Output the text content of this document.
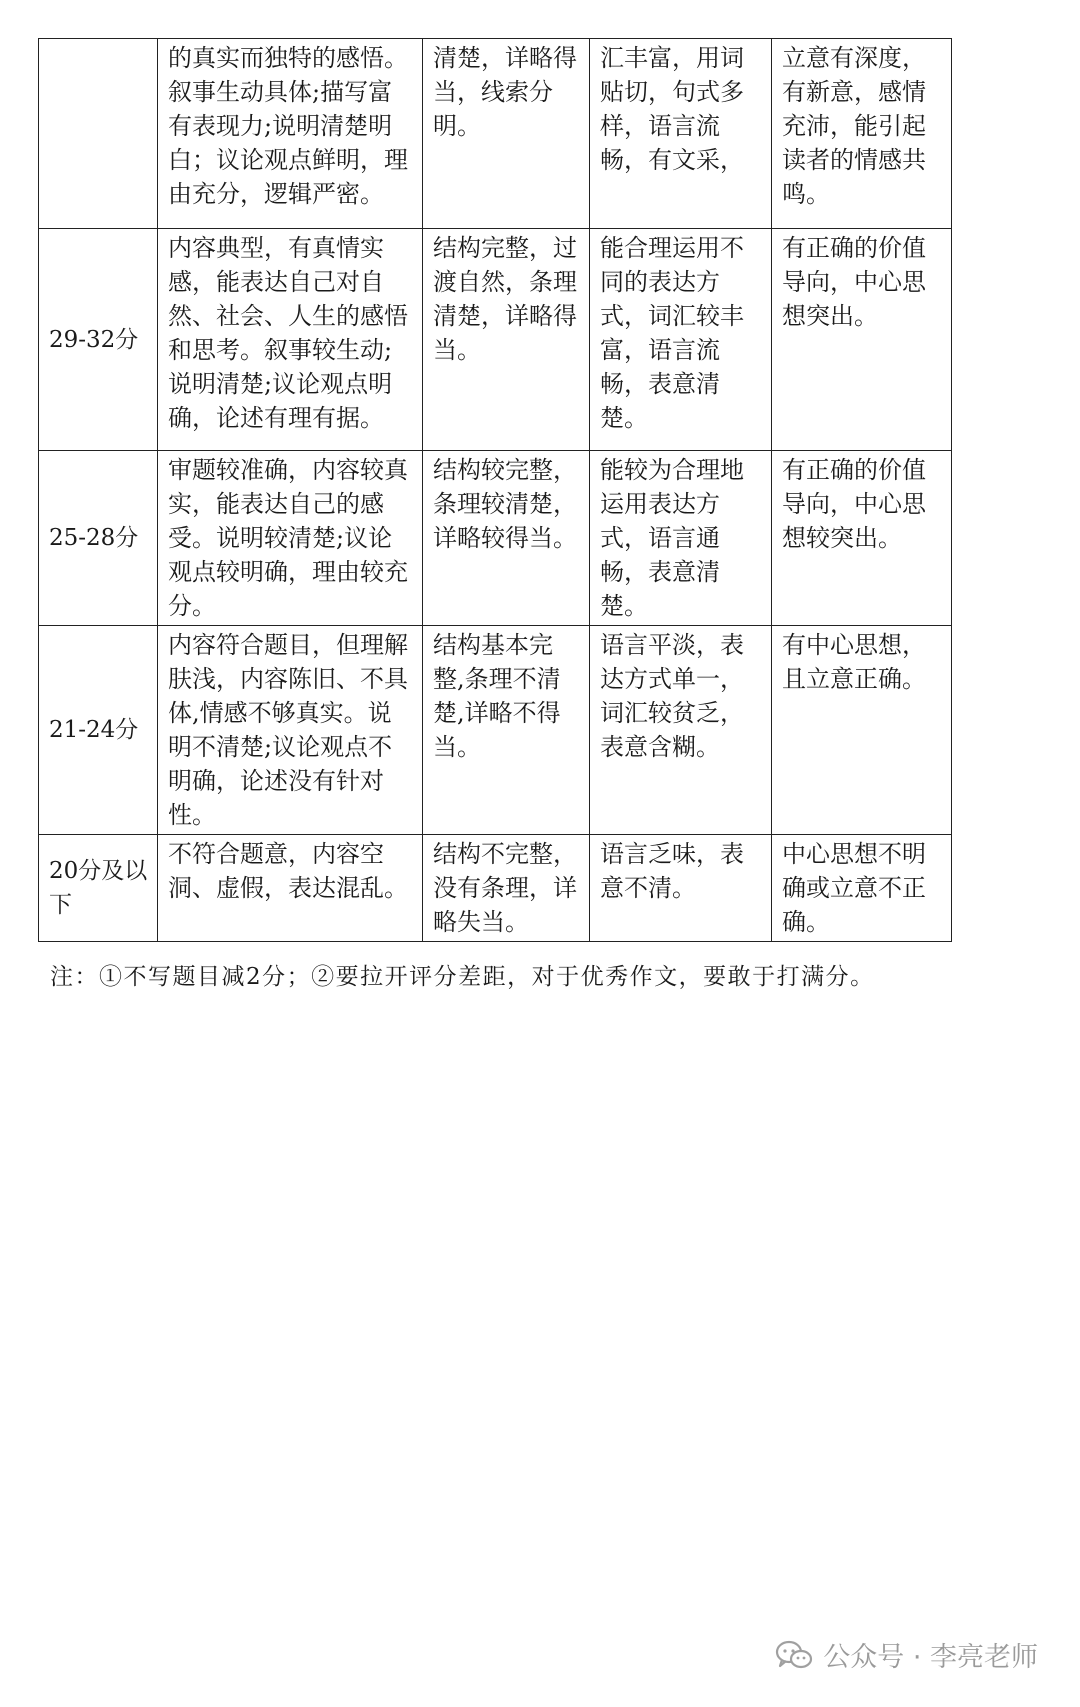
	的真实而独特的感悟。叙事生动具体;描写富有表现力;说明清楚明白；议论观点鲜明，理由充分，逻辑严密。	清楚，详略得当，线索分明。	汇丰富，用词贴切，句式多样，语言流畅，有文采，	立意有深度，有新意，感情充沛，能引起读者的情感共鸣。
29-32分	内容典型，有真情实感，能表达自己对自然、社会、人生的感悟和思考。叙事较生动;说明清楚;议论观点明确，论述有理有据。	结构完整，过渡自然，条理清楚，详略得当。	能合理运用不同的表达方式，词汇较丰富，语言流畅，表意清楚。	有正确的价值导向，中心思想突出。
25-28分	审题较准确，内容较真实，能表达自己的感受。说明较清楚;议论观点较明确，理由较充分。	结构较完整，条理较清楚，详略较得当。	能较为合理地运用表达方式，语言通畅，表意清楚。	有正确的价值导向，中心思想较突出。
21-24分	内容符合题目，但理解肤浅，内容陈旧、不具体,情感不够真实。说明不清楚;议论观点不明确，论述没有针对性。	结构基本完整,条理不清楚,详略不得当。	语言平淡，表达方式单一，词汇较贫乏，表意含糊。	有中心思想，且立意正确。
20分及以下	不符合题意，内容空洞、虚假，表达混乱。	结构不完整，没有条理，详略失当。	语言乏味，表意不清。	中心思想不明确或立意不正确。
注：①不写题目减2分；②要拉开评分差距，对于优秀作文，要敢于打满分。
公众号 · 李亮老师
